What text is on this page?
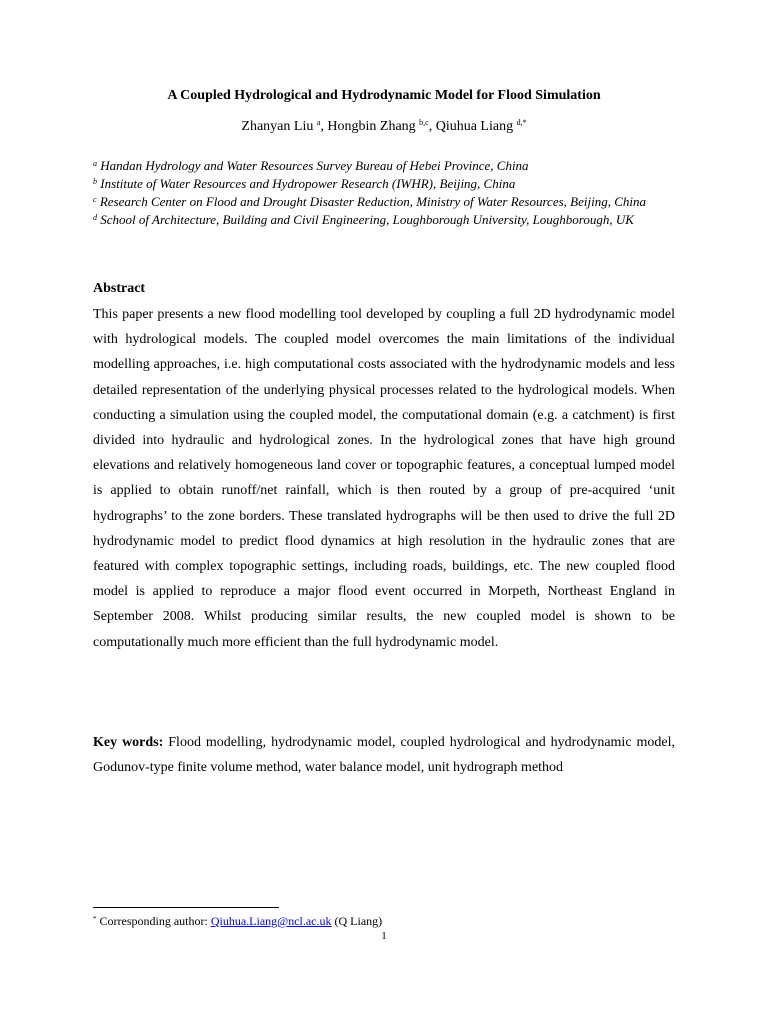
A Coupled Hydrological and Hydrodynamic Model for Flood Simulation
Zhanyan Liu $^a$, Hongbin Zhang $^{b,c}$, Qiuhua Liang $^{d,*}$
$^a$ Handan Hydrology and Water Resources Survey Bureau of Hebei Province, China
$^b$ Institute of Water Resources and Hydropower Research (IWHR), Beijing, China
$^c$ Research Center on Flood and Drought Disaster Reduction, Ministry of Water Resources, Beijing, China
$^d$ School of Architecture, Building and Civil Engineering, Loughborough University, Loughborough, UK
Abstract
This paper presents a new flood modelling tool developed by coupling a full 2D hydrodynamic model with hydrological models. The coupled model overcomes the main limitations of the individual modelling approaches, i.e. high computational costs associated with the hydrodynamic models and less detailed representation of the underlying physical processes related to the hydrological models. When conducting a simulation using the coupled model, the computational domain (e.g. a catchment) is first divided into hydraulic and hydrological zones. In the hydrological zones that have high ground elevations and relatively homogeneous land cover or topographic features, a conceptual lumped model is applied to obtain runoff/net rainfall, which is then routed by a group of pre-acquired ‘unit hydrographs’ to the zone borders. These translated hydrographs will be then used to drive the full 2D hydrodynamic model to predict flood dynamics at high resolution in the hydraulic zones that are featured with complex topographic settings, including roads, buildings, etc. The new coupled flood model is applied to reproduce a major flood event occurred in Morpeth, Northeast England in September 2008. Whilst producing similar results, the new coupled model is shown to be computationally much more efficient than the full hydrodynamic model.
Key words: Flood modelling, hydrodynamic model, coupled hydrological and hydrodynamic model, Godunov-type finite volume method, water balance model, unit hydrograph method
* Corresponding author: Qiuhua.Liang@ncl.ac.uk (Q Liang)
1
